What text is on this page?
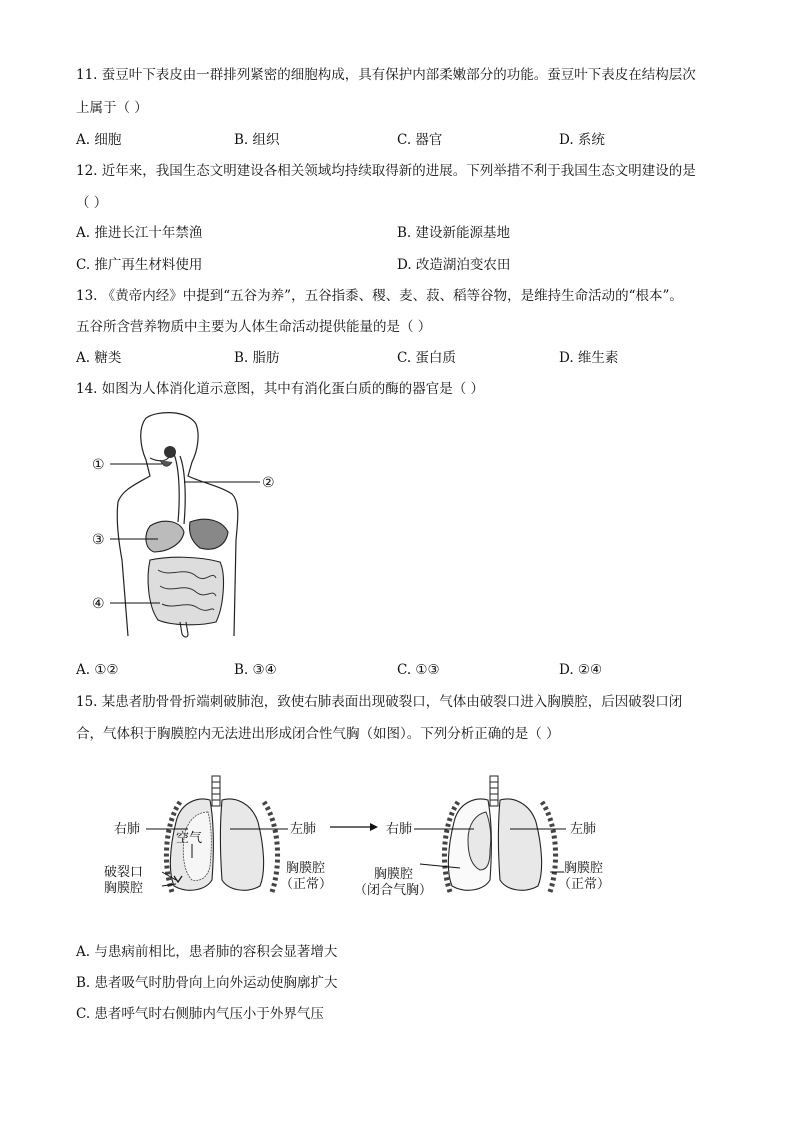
11. 蚕豆叶下表皮由一群排列紧密的细胞构成，具有保护内部柔嫩部分的功能。蚕豆叶下表皮在结构层次
上属于（ ）
A. 细胞	B. 组织	C. 器官	D. 系统
12. 近年来，我国生态文明建设各相关领域均持续取得新的进展。下列举措不利于我国生态文明建设的是
（ ）
A. 推进长江十年禁渔	B. 建设新能源基地
C. 推广再生材料使用	D. 改造湖泊变农田
13. 《黄帝内经》中提到“五谷为养”，五谷指黍、稷、麦、菽、稻等谷物，是维持生命活动的“根本”。
五谷所含营养物质中主要为人体生命活动提供能量的是（ ）
A. 糖类	B. 脂肪	C. 蛋白质	D. 维生素
14. 如图为人体消化道示意图，其中有消化蛋白质的酶的器官是（ ）
①
②
③
④
A. ①②	B. ③④	C. ①③	D. ②④
15. 某患者肋骨骨折端刺破肺泡，致使右肺表面出现破裂口，气体由破裂口进入胸膜腔，后因破裂口闭
合，气体积于胸膜腔内无法进出形成闭合性气胸（如图）。下列分析正确的是（ ）
右肺
空气
左肺
破裂口
胸膜腔
胸膜腔
（正常）
右肺	左肺
胸膜腔
（闭合气胸）
胸膜腔
（正常）
A. 与患病前相比，患者肺的容积会显著增大
B. 患者吸气时肋骨向上向外运动使胸廓扩大
C. 患者呼气时右侧肺内气压小于外界气压
